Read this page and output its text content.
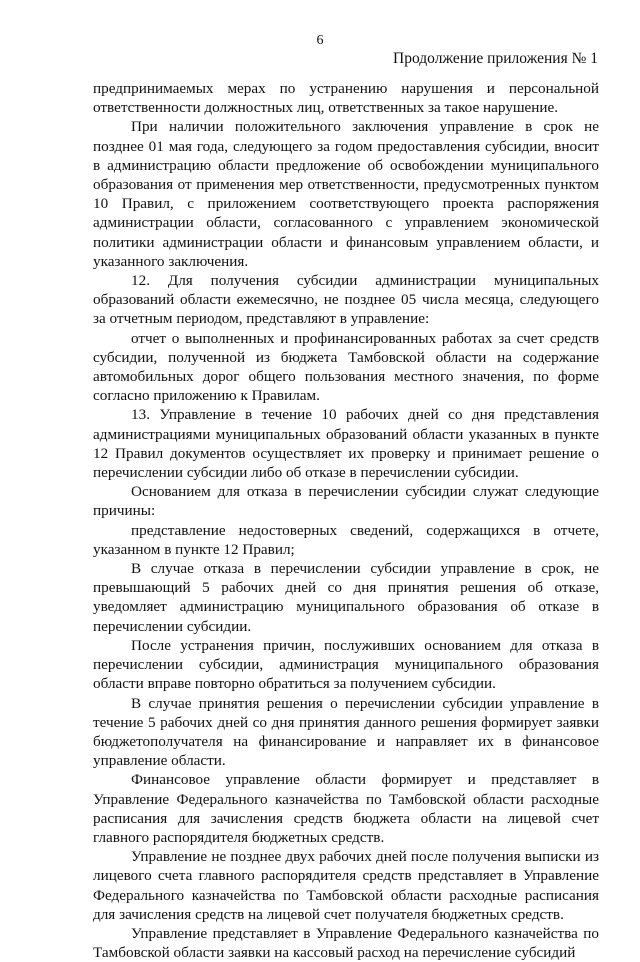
6
Продолжение приложения № 1

предпринимаемых мерах по устранению нарушения и персональной ответственности должностных лиц, ответственных за такое нарушение.

При наличии положительного заключения управление в срок не позднее 01 мая года, следующего за годом предоставления субсидии, вносит в администрацию области предложение об освобождении муниципального образования от применения мер ответственности, предусмотренных пунктом 10 Правил, с приложением соответствующего проекта распоряжения администрации области, согласованного с управлением экономической политики администрации области и финансовым управлением области, и указанного заключения.

12. Для получения субсидии администрации муниципальных образований области ежемесячно, не позднее 05 числа месяца, следующего за отчетным периодом, представляют в управление:

отчет о выполненных и профинансированных работах за счет средств субсидии, полученной из бюджета Тамбовской области на содержание автомобильных дорог общего пользования местного значения, по форме согласно приложению к Правилам.

13. Управление в течение 10 рабочих дней со дня представления администрациями муниципальных образований области указанных в пункте 12 Правил документов осуществляет их проверку и принимает решение о перечислении субсидии либо об отказе в перечислении субсидии.

Основанием для отказа в перечислении субсидии служат следующие причины:

представление недостоверных сведений, содержащихся в отчете, указанном в пункте 12 Правил;

В случае отказа в перечислении субсидии управление в срок, не превышающий 5 рабочих дней со дня принятия решения об отказе, уведомляет администрацию муниципального образования об отказе в перечислении субсидии.

После устранения причин, послуживших основанием для отказа в перечислении субсидии, администрация муниципального образования области вправе повторно обратиться за получением субсидии.

В случае принятия решения о перечислении субсидии управление в течение 5 рабочих дней со дня принятия данного решения формирует заявки бюджетополучателя на финансирование и направляет их в финансовое управление области.

Финансовое управление области формирует и представляет в Управление Федерального казначейства по Тамбовской области расходные расписания для зачисления средств бюджета области на лицевой счет главного распорядителя бюджетных средств.

Управление не позднее двух рабочих дней после получения выписки из лицевого счета главного распорядителя средств представляет в Управление Федерального казначейства по Тамбовской области расходные расписания для зачисления средств на лицевой счет получателя бюджетных средств.

Управление представляет в Управление Федерального казначейства по Тамбовской области заявки на кассовый расход на перечисление субсидий
